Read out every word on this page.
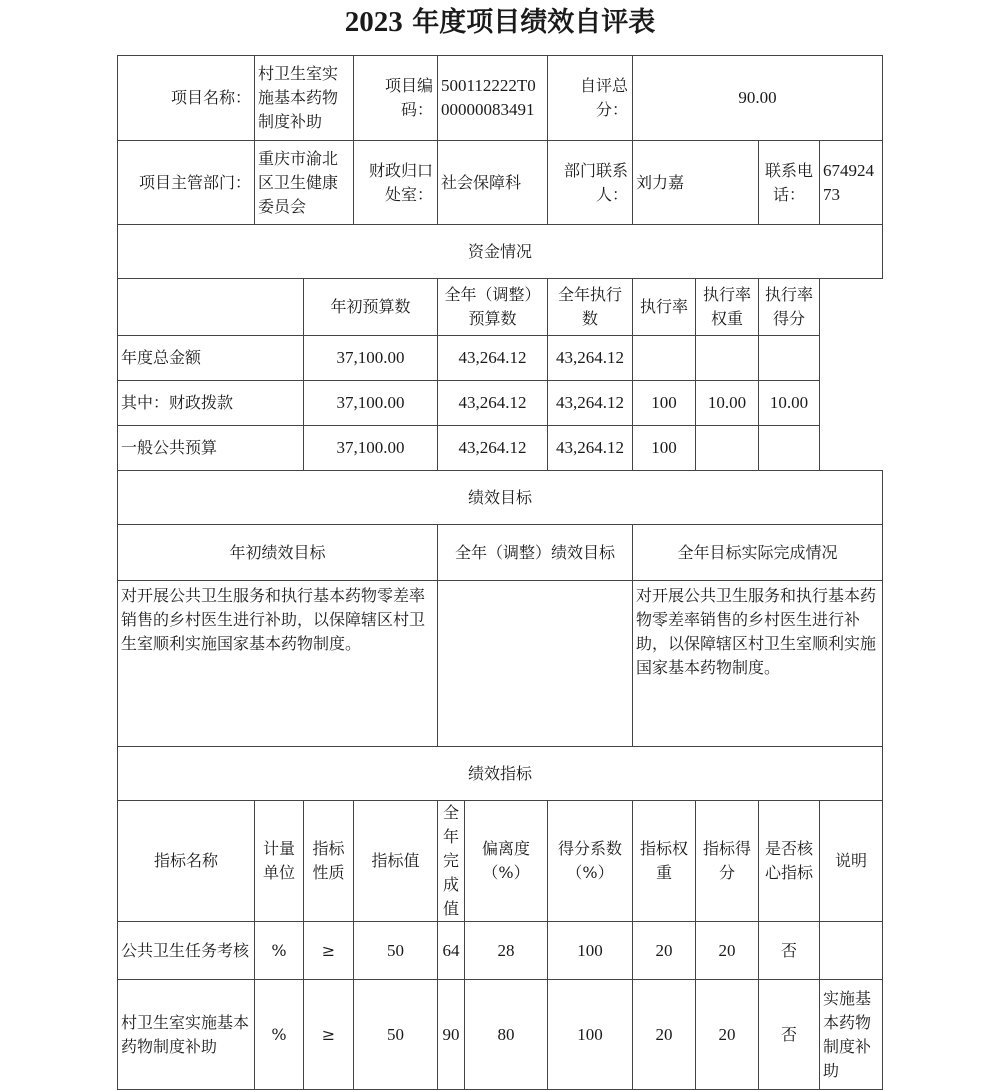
2023 年度项目绩效自评表
项目名称：	村卫生室实施基本药物制度补助		项目编码：	500112222T000000083491		自评总分：	90.00			
项目主管部门：	重庆市渝北区卫生健康委员会		财政归口处室：	社会保障科		部门联系人：	刘力嘉		联系电话：	67492473
资金情况										
		年初预算数		全年（调整）预算数		全年执行数	执行率	执行率权重	执行率得分	
年度总金额		37,100.00		43,264.12		43,264.12				
其中：财政拨款		37,100.00		43,264.12		43,264.12	100	10.00	10.00	
一般公共预算		37,100.00		43,264.12		43,264.12	100			
绩效目标										
年初绩效目标				全年（调整）绩效目标			全年目标实际完成情况			
对开展公共卫生服务和执行基本药物零差率销售的乡村医生进行补助，以保障辖区村卫生室顺利实施国家基本药物制度。							对开展公共卫生服务和执行基本药物零差率销售的乡村医生进行补助，以保障辖区村卫生室顺利实施国家基本药物制度。			
绩效指标										
指标名称	计量单位	指标性质	指标值	全年完成值	偏离度（%）	得分系数（%）	指标权重	指标得分	是否核心指标	说明
公共卫生任务考核	%	≥	50	64	28	100	20	20	否	
村卫生室实施基本药物制度补助	%	≥	50	90	80	100	20	20	否	实施基本药物制度补助
